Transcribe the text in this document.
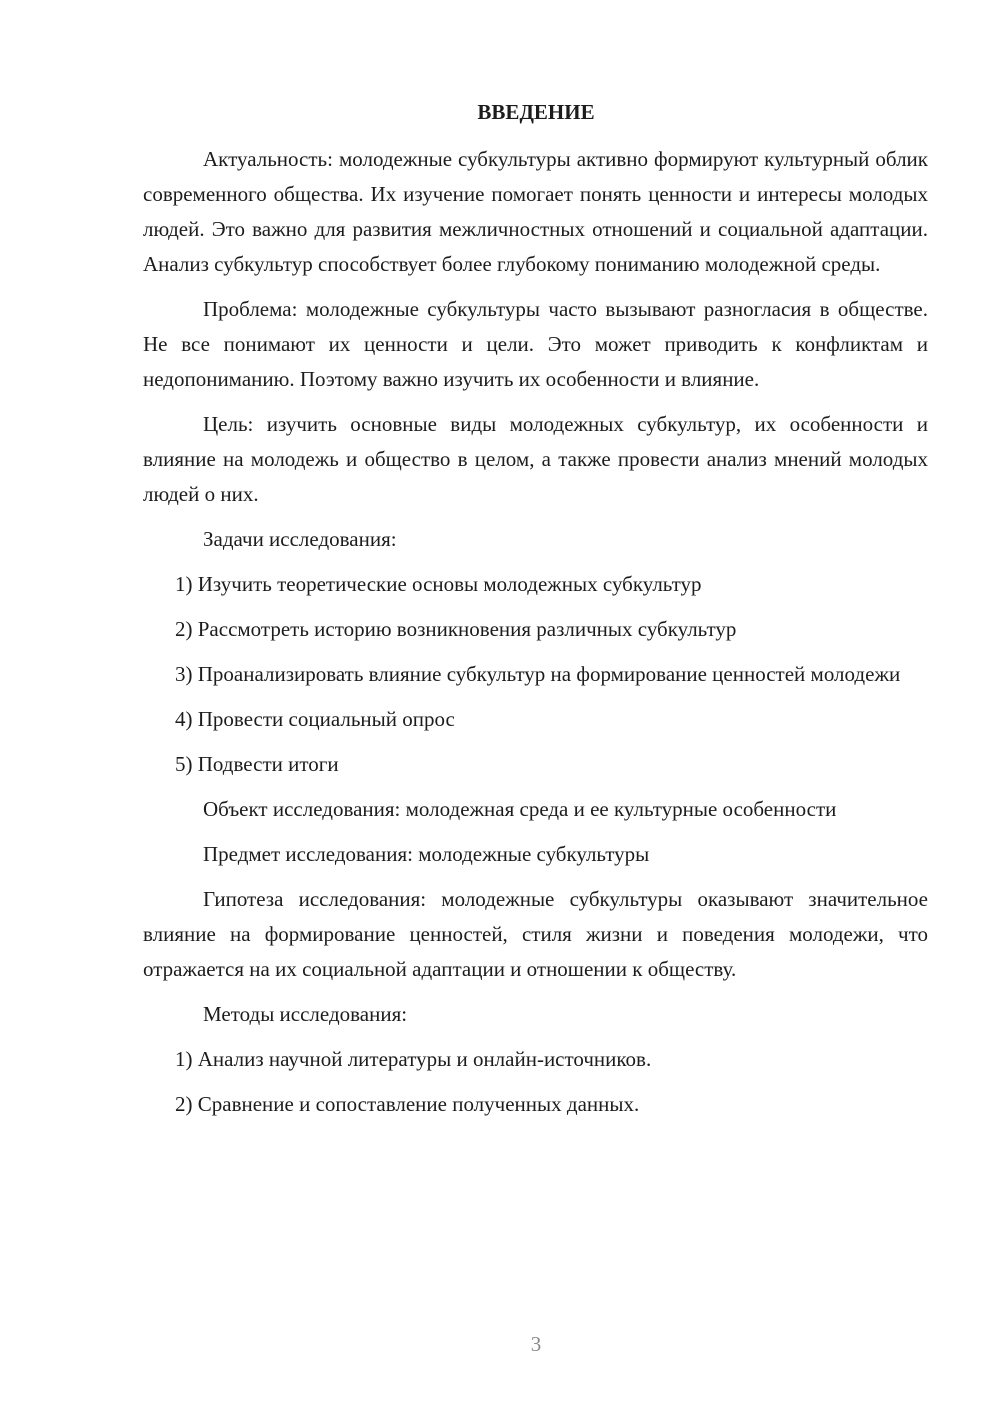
ВВЕДЕНИЕ

Актуальность: молодежные субкультуры активно формируют культурный облик современного общества. Их изучение помогает понять ценности и интересы молодых людей. Это важно для развития межличностных отношений и социальной адаптации. Анализ субкультур способствует более глубокому пониманию молодежной среды.

Проблема: молодежные субкультуры часто вызывают разногласия в обществе. Не все понимают их ценности и цели. Это может приводить к конфликтам и недопониманию. Поэтому важно изучить их особенности и влияние.

Цель: изучить основные виды молодежных субкультур, их особенности и влияние на молодежь и общество в целом, а также провести анализ мнений молодых людей о них.

Задачи исследования:

1) Изучить теоретические основы молодежных субкультур

2) Рассмотреть историю возникновения различных субкультур

3) Проанализировать влияние субкультур на формирование ценностей молодежи

4) Провести социальный опрос

5) Подвести итоги

Объект исследования: молодежная среда и ее культурные особенности

Предмет исследования: молодежные субкультуры

Гипотеза исследования: молодежные субкультуры оказывают значительное влияние на формирование ценностей, стиля жизни и поведения молодежи, что отражается на их социальной адаптации и отношении к обществу.

Методы исследования:

1) Анализ научной литературы и онлайн-источников.

2) Сравнение и сопоставление полученных данных.

3
